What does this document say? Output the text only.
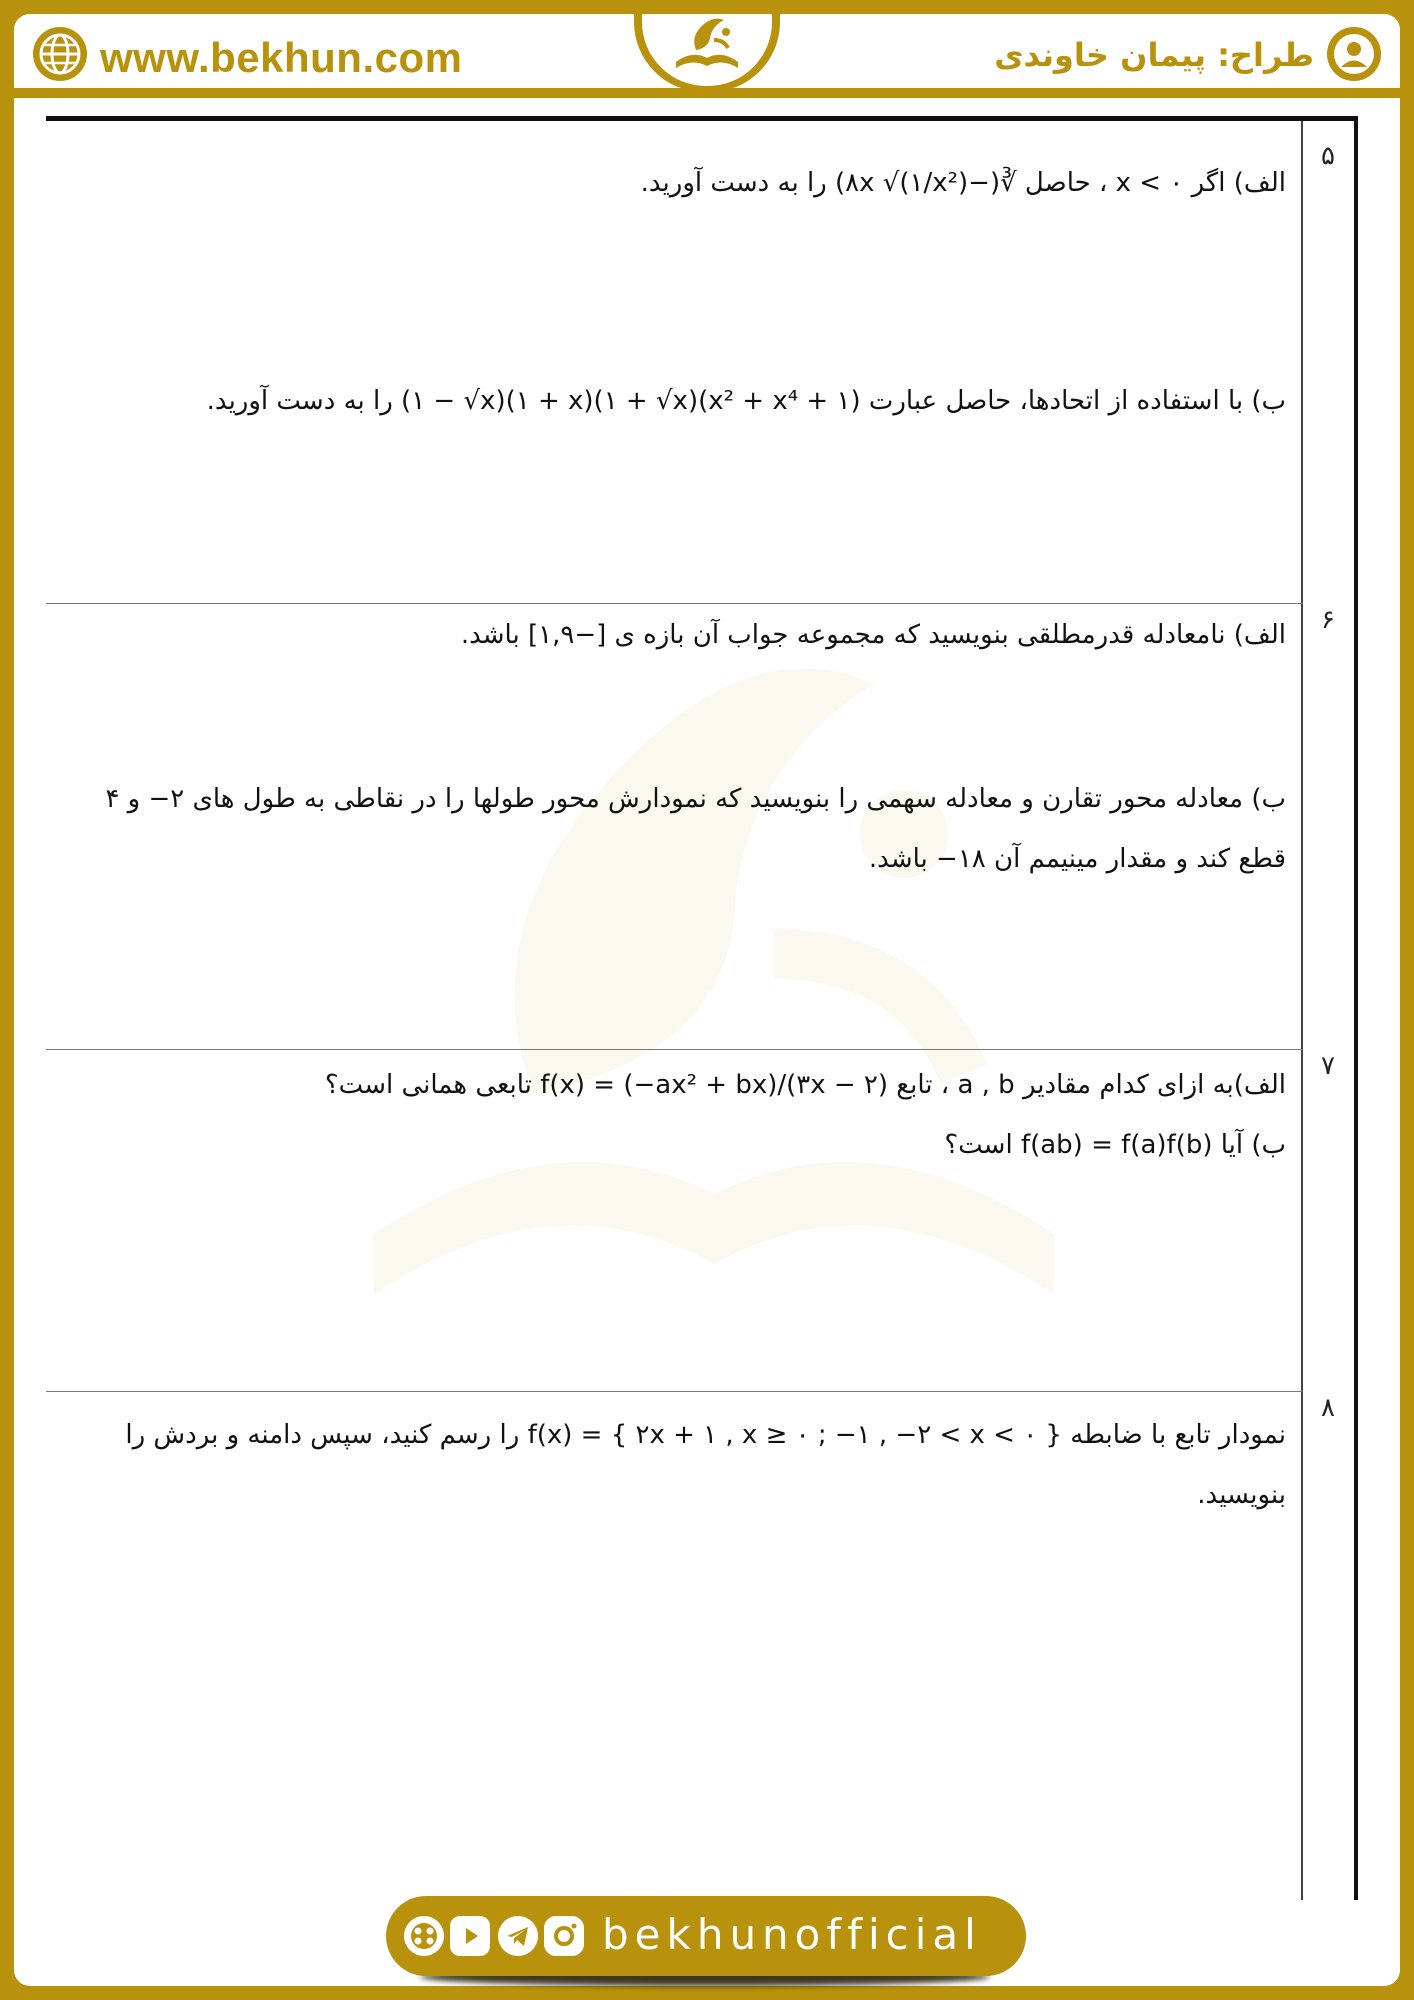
www.bekhun.com	طراح: پیمان خاوندی
۵
الف) اگر ۰ > x ، حاصل ∛(−۸x √(۱/x²)) را به دست آورید.
ب) با استفاده از اتحادها، حاصل عبارت (۱ + x² + x⁴)(۱ + √x)(۱ + x)(۱ − √x) را به دست آورید.
۶
الف) نامعادله قدرمطلقی بنویسید که مجموعه جواب آن بازه ی [−۱,۹] باشد.
ب) معادله محور تقارن و معادله سهمی را بنویسید که نمودارش محور طولها را در نقاطی به طول های ۲− و ۴ قطع کند و مقدار مینیمم آن ۱۸− باشد.
۷
الف)به ازای کدام مقادیر a , b ، تابع f(x) = (−ax² + bx)/(۳x − ۲) تابعی همانی است؟
ب) آیا f(ab) = f(a)f(b) است؟
۸
نمودار تابع با ضابطه f(x) = { ۲x + ۱ , x ≥ ۰ ; −۱ , −۲ < x < ۰ } را رسم کنید، سپس دامنه و بردش را بنویسید.
bekhunofficial
